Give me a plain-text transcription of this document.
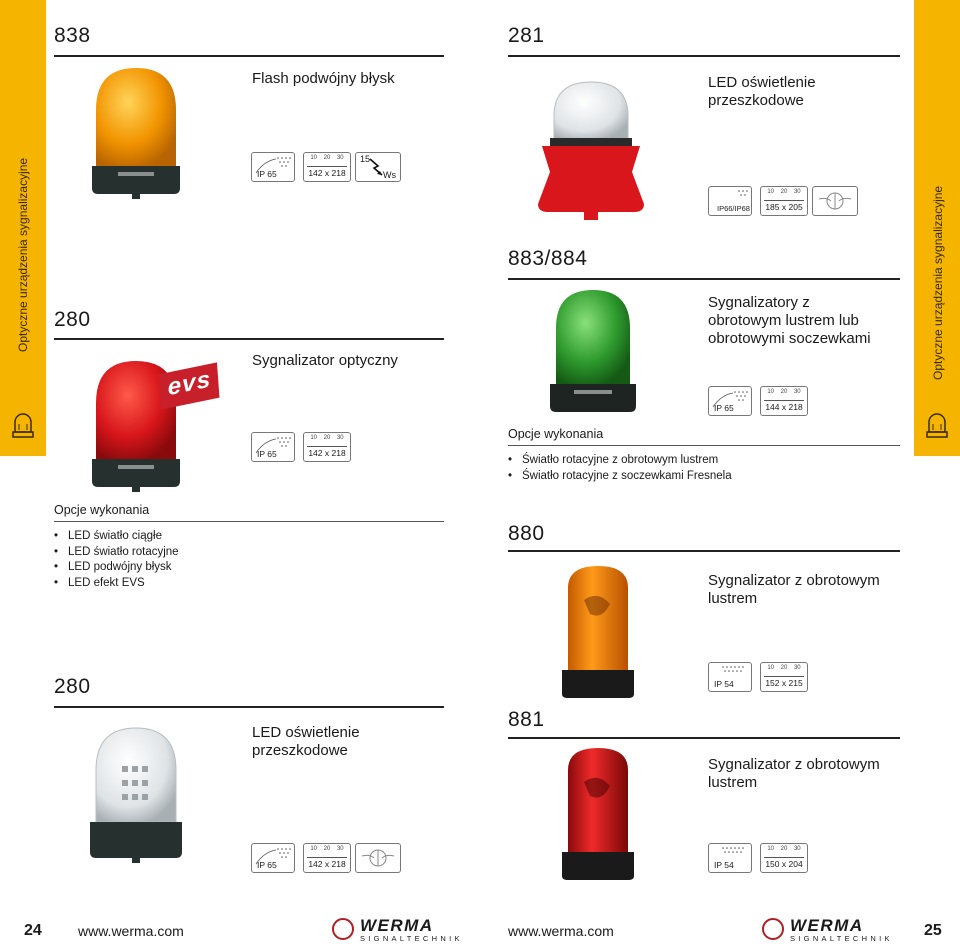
Optyczne urządzenia sygnalizacyjne	Optyczne urządzenia sygnalizacyjne
838
Flash podwójny błysk
IP 65
10 20 30
142 x 218
15
Ws
280
Sygnalizator optyczny
evs
IP 65
10 20 30
142 x 218
Opcje wykonania
• LED światło ciągłe
• LED światło rotacyjne
• LED podwójny błysk
• LED efekt EVS
280
LED oświetlenie
przeszkodowe
IP 65
10 20 30
142 x 218
281
LED oświetlenie
przeszkodowe
IP66/IP68
10 20 30
185 x 205
883/884
Sygnalizatory z
obrotowym lustrem lub
obrotowymi soczewkami
IP 65
10 20 30
144 x 218
Opcje wykonania
• Światło rotacyjne z obrotowym lustrem
• Światło rotacyjne z soczewkami Fresnela
880
Sygnalizator z obrotowym
lustrem
IP 54
10 20 30
152 x 215
881
Sygnalizator z obrotowym
lustrem
IP 54
10 20 30
150 x 204
24	www.werma.com	WERMA
SIGNALTECHNIK	www.werma.com	WERMA
SIGNALTECHNIK 25
